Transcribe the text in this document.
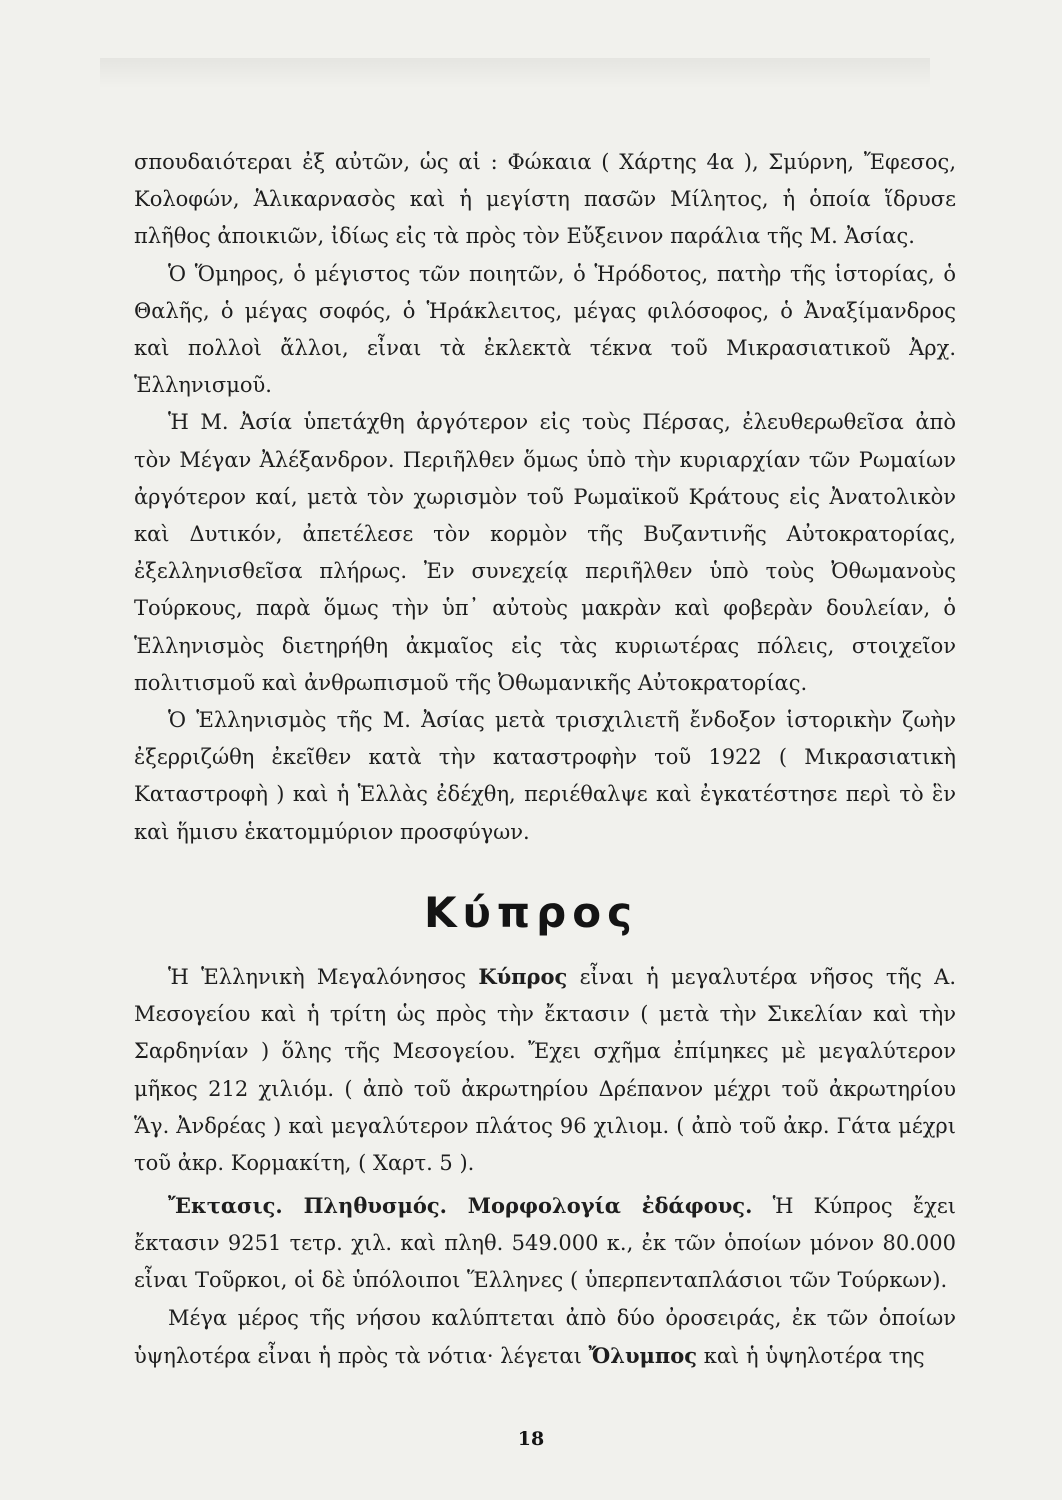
σπουδαιότεραι ἐξ αὐτῶν, ὡς αἱ : Φώκαια ( Χάρτης 4α ), Σμύρνη, Ἔφεσος, Κολοφών, Ἁλικαρνασὸς καὶ ἡ μεγίστη πασῶν Μίλητος, ἡ ὁποία ἵδρυσε πλῆθος ἀποικιῶν, ἰδίως εἰς τὰ πρὸς τὸν Εὔξεινον παράλια τῆς Μ. Ἀσίας.

Ὁ Ὅμηρος, ὁ μέγιστος τῶν ποιητῶν, ὁ Ἡρόδοτος, πατὴρ τῆς ἱστορίας, ὁ Θαλῆς, ὁ μέγας σοφός, ὁ Ἡράκλειτος, μέγας φιλόσοφος, ὁ Ἀναξίμανδρος καὶ πολλοὶ ἄλλοι, εἶναι τὰ ἐκλεκτὰ τέκνα τοῦ Μικρασιατικοῦ Ἀρχ. Ἑλληνισμοῦ.

Ἡ Μ. Ἀσία ὑπετάχθη ἀργότερον εἰς τοὺς Πέρσας, ἐλευθερωθεῖσα ἀπὸ τὸν Μέγαν Ἀλέξανδρον. Περιῆλθεν ὅμως ὑπὸ τὴν κυριαρχίαν τῶν Ρωμαίων ἀργότερον καί, μετὰ τὸν χωρισμὸν τοῦ Ρωμαϊκοῦ Κράτους εἰς Ἀνατολικὸν καὶ Δυτικόν, ἀπετέλεσε τὸν κορμὸν τῆς Βυζαντινῆς Αὐτοκρατορίας, ἐξελληνισθεῖσα πλήρως. Ἐν συνεχείᾳ περιῆλθεν ὑπὸ τοὺς Ὀθωμανοὺς Τούρκους, παρὰ ὅμως τὴν ὑπ᾽ αὐτοὺς μακρὰν καὶ φοβερὰν δουλείαν, ὁ Ἑλληνισμὸς διετηρήθη ἀκμαῖος εἰς τὰς κυριωτέρας πόλεις, στοιχεῖον πολιτισμοῦ καὶ ἀνθρωπισμοῦ τῆς Ὀθωμανικῆς Αὐτοκρατορίας.

Ὁ Ἑλληνισμὸς τῆς Μ. Ἀσίας μετὰ τρισχιλιετῆ ἔνδοξον ἱστορικὴν ζωὴν ἐξερριζώθη ἐκεῖθεν κατὰ τὴν καταστροφὴν τοῦ 1922 ( Μικρασιατικὴ Καταστροφὴ ) καὶ ἡ Ἑλλὰς ἐδέχθη, περιέθαλψε καὶ ἐγκατέστησε περὶ τὸ ἓν καὶ ἥμισυ ἑκατομμύριον προσφύγων.

Κύπρος

Ἡ Ἑλληνικὴ Μεγαλόνησος Κύπρος εἶναι ἡ μεγαλυτέρα νῆσος τῆς Α. Μεσογείου καὶ ἡ τρίτη ὡς πρὸς τὴν ἔκτασιν ( μετὰ τὴν Σικελίαν καὶ τὴν Σαρδηνίαν ) ὅλης τῆς Μεσογείου. Ἔχει σχῆμα ἐπίμηκες μὲ μεγαλύτερον μῆκος 212 χιλιόμ. ( ἀπὸ τοῦ ἀκρωτηρίου Δρέπανον μέχρι τοῦ ἀκρωτηρίου Ἅγ. Ἀνδρέας ) καὶ μεγαλύτερον πλάτος 96 χιλιομ. ( ἀπὸ τοῦ ἀκρ. Γάτα μέχρι τοῦ ἀκρ. Κορμακίτη, ( Χαρτ. 5 ).

Ἔκτασις. Πληθυσμός. Μορφολογία ἐδάφους. Ἡ Κύπρος ἔχει ἔκτασιν 9251 τετρ. χιλ. καὶ πληθ. 549.000 κ., ἐκ τῶν ὁποίων μόνον 80.000 εἶναι Τοῦρκοι, οἱ δὲ ὑπόλοιποι Ἕλληνες ( ὑπερπενταπλάσιοι τῶν Τούρκων).

Μέγα μέρος τῆς νήσου καλύπτεται ἀπὸ δύο ὀροσειράς, ἐκ τῶν ὁποίων ὑψηλοτέρα εἶναι ἡ πρὸς τὰ νότια· λέγεται Ὄλυμπος καὶ ἡ ὑψηλοτέρα της

18
